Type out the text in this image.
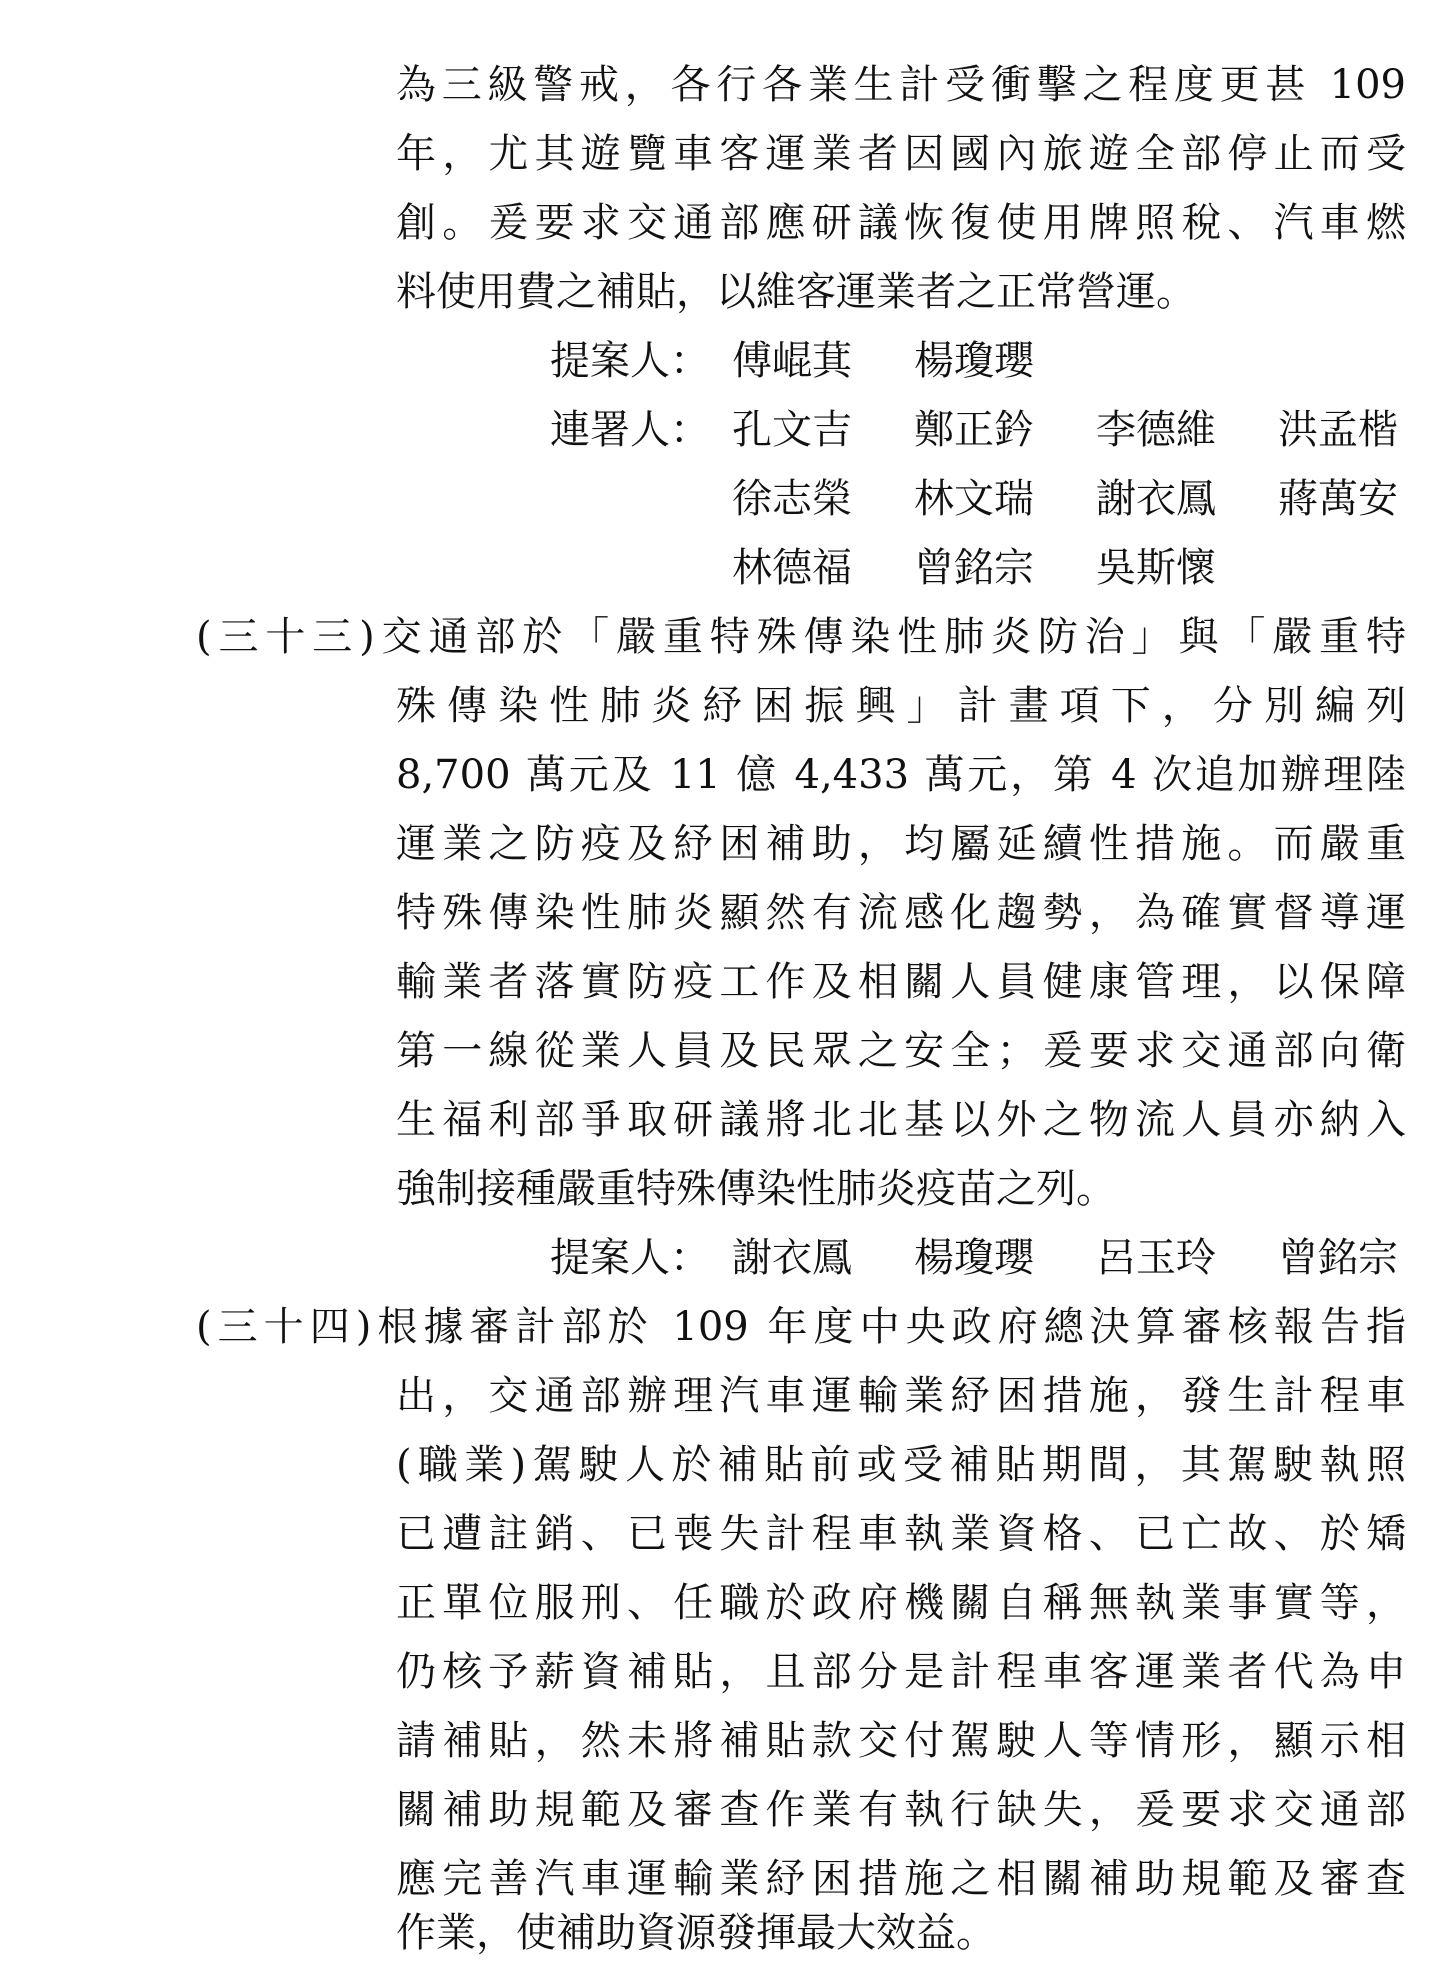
為三級警戒，各行各業生計受衝擊之程度更甚 109
年，尤其遊覽車客運業者因國內旅遊全部停止而受
創。爰要求交通部應研議恢復使用牌照稅、汽車燃
料使用費之補貼，以維客運業者之正常營運。
提案人： 傅崐萁 楊瓊瓔
連署人： 孔文吉 鄭正鈐 李德維 洪孟楷
徐志榮 林文瑞 謝衣鳳 蔣萬安
林德福 曾銘宗 吳斯懷
(三十三)交通部於「嚴重特殊傳染性肺炎防治」與「嚴重特
殊傳染性肺炎紓困振興」計畫項下，分別編列
8,700 萬元及 11 億 4,433 萬元，第 4 次追加辦理陸
運業之防疫及紓困補助，均屬延續性措施。而嚴重
特殊傳染性肺炎顯然有流感化趨勢，為確實督導運
輸業者落實防疫工作及相關人員健康管理，以保障
第一線從業人員及民眾之安全；爰要求交通部向衛
生福利部爭取研議將北北基以外之物流人員亦納入
強制接種嚴重特殊傳染性肺炎疫苗之列。
提案人： 謝衣鳳 楊瓊瓔 呂玉玲 曾銘宗
(三十四)根據審計部於 109 年度中央政府總決算審核報告指
出，交通部辦理汽車運輸業紓困措施，發生計程車
(職業)駕駛人於補貼前或受補貼期間，其駕駛執照
已遭註銷、已喪失計程車執業資格、已亡故、於矯
正單位服刑、任職於政府機關自稱無執業事實等，
仍核予薪資補貼，且部分是計程車客運業者代為申
請補貼，然未將補貼款交付駕駛人等情形，顯示相
關補助規範及審查作業有執行缺失，爰要求交通部
應完善汽車運輸業紓困措施之相關補助規範及審查
作業，使補助資源發揮最大效益。
